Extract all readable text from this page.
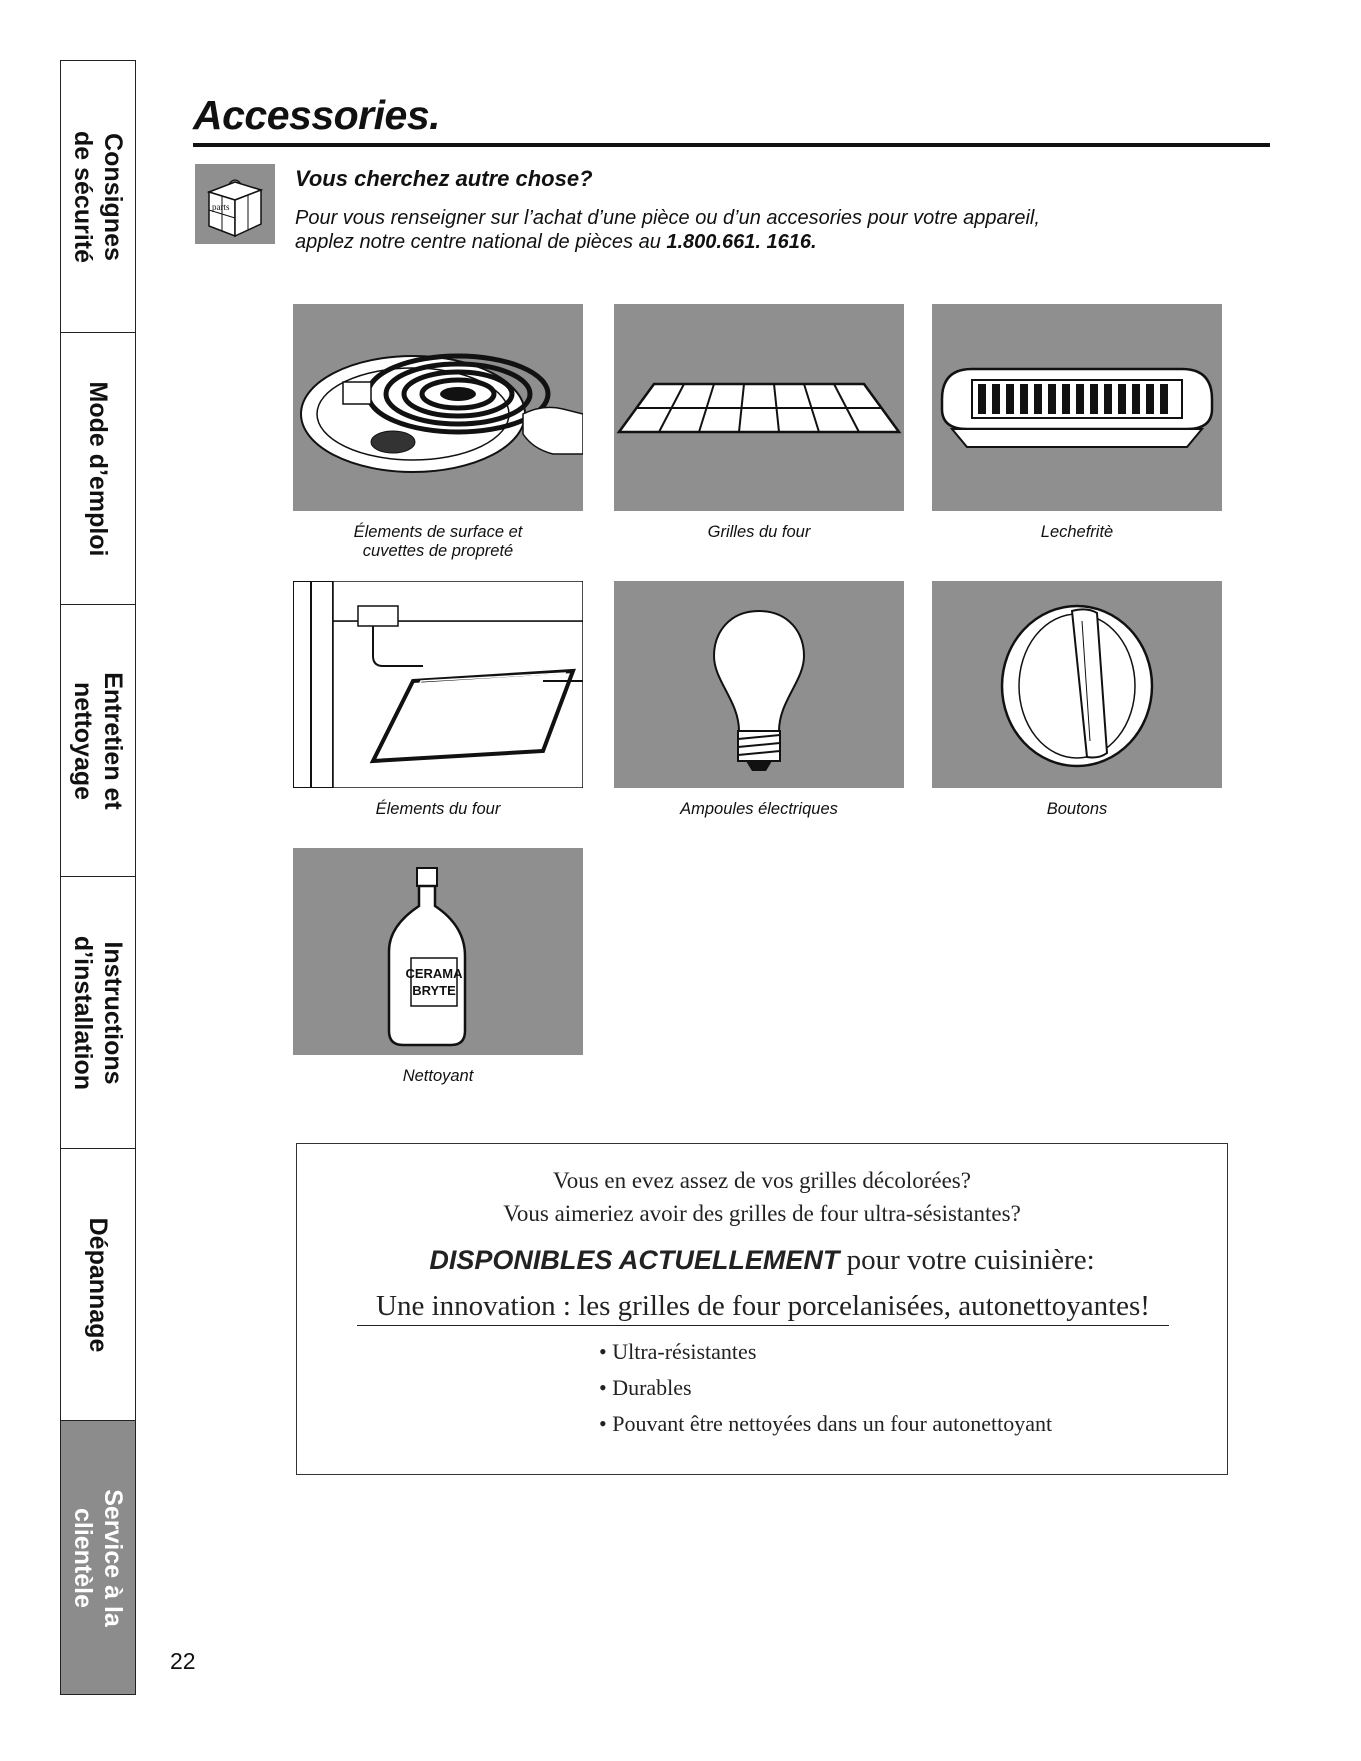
Consignes
de sécurité
Mode d’emploi
Entretien et
nettoyage
Instructions
d’installation
Dépannage
Service à la
clientèle
Accessories.
parts
Vous cherchez autre chose?
Pour vous renseigner sur l’achat d’une pièce ou d’un accesories pour votre appareil, applez notre centre national de pièces au 1.800.661. 1616.
Élements de surface et
cuvettes de propreté
Grilles du four	Lechefritè
Élements du four	Ampoules électriques	Boutons
CERAMA
BRYTE
Nettoyant
Vous en evez assez de vos grilles décolorées?
Vous aimeriez avoir des grilles de four ultra-sésistantes?
DISPONIBLES ACTUELLEMENT pour votre cuisinière:
Une innovation : les grilles de four porcelanisées, autonettoyantes!
• Ultra-résistantes
• Durables
• Pouvant être nettoyées dans un four autonettoyant
22
